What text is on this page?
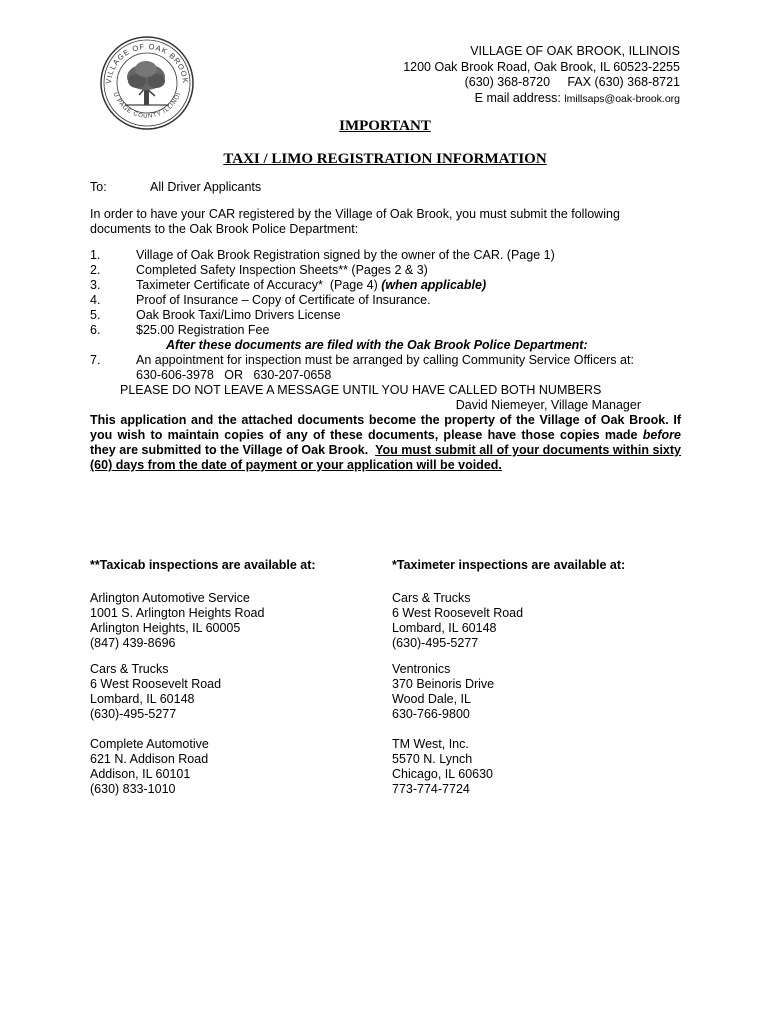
VILLAGE OF OAK BROOK
U PAGE COUNTY ILLINOI
VILLAGE OF OAK BROOK, ILLINOIS
1200 Oak Brook Road, Oak Brook, IL 60523-2255
(630) 368-8720     FAX (630) 368-8721
E mail address: lmillsaps@oak-brook.org
IMPORTANT
TAXI / LIMO REGISTRATION INFORMATION
To:	All Driver Applicants
In order to have your CAR registered by the Village of Oak Brook, you must submit the following documents to the Oak Brook Police Department:
1.	Village of Oak Brook Registration signed by the owner of the CAR. (Page 1)
2.	Completed Safety Inspection Sheets** (Pages 2 & 3)
3.	Taximeter Certificate of Accuracy*  (Page 4) (when applicable)
4.	Proof of Insurance – Copy of Certificate of Insurance.
5.	Oak Brook Taxi/Limo Drivers License
6.	$25.00 Registration Fee
After these documents are filed with the Oak Brook Police Department:
7.	An appointment for inspection must be arranged by calling Community Service Officers at:
630-606-3978   OR   630-207-0658
PLEASE DO NOT LEAVE A MESSAGE UNTIL YOU HAVE CALLED BOTH NUMBERS
David Niemeyer, Village Manager
This application and the attached documents become the property of the Village of Oak Brook. If you wish to maintain copies of any of these documents, please have those copies made before they are submitted to the Village of Oak Brook.  You must submit all of your documents within sixty (60) days from the date of payment or your application will be voided.
**Taxicab inspections are available at:
Arlington Automotive Service
1001 S. Arlington Heights Road
Arlington Heights, IL 60005
(847) 439-8696
Cars & Trucks
6 West Roosevelt Road
Lombard, IL 60148
(630)-495-5277
Complete Automotive
621 N. Addison Road
Addison, IL 60101
(630) 833-1010
*Taximeter inspections are available at:
Cars & Trucks
6 West Roosevelt Road
Lombard, IL 60148
(630)-495-5277
Ventronics
370 Beinoris Drive
Wood Dale, IL
630-766-9800
TM West, Inc.
5570 N. Lynch
Chicago, IL 60630
773-774-7724
